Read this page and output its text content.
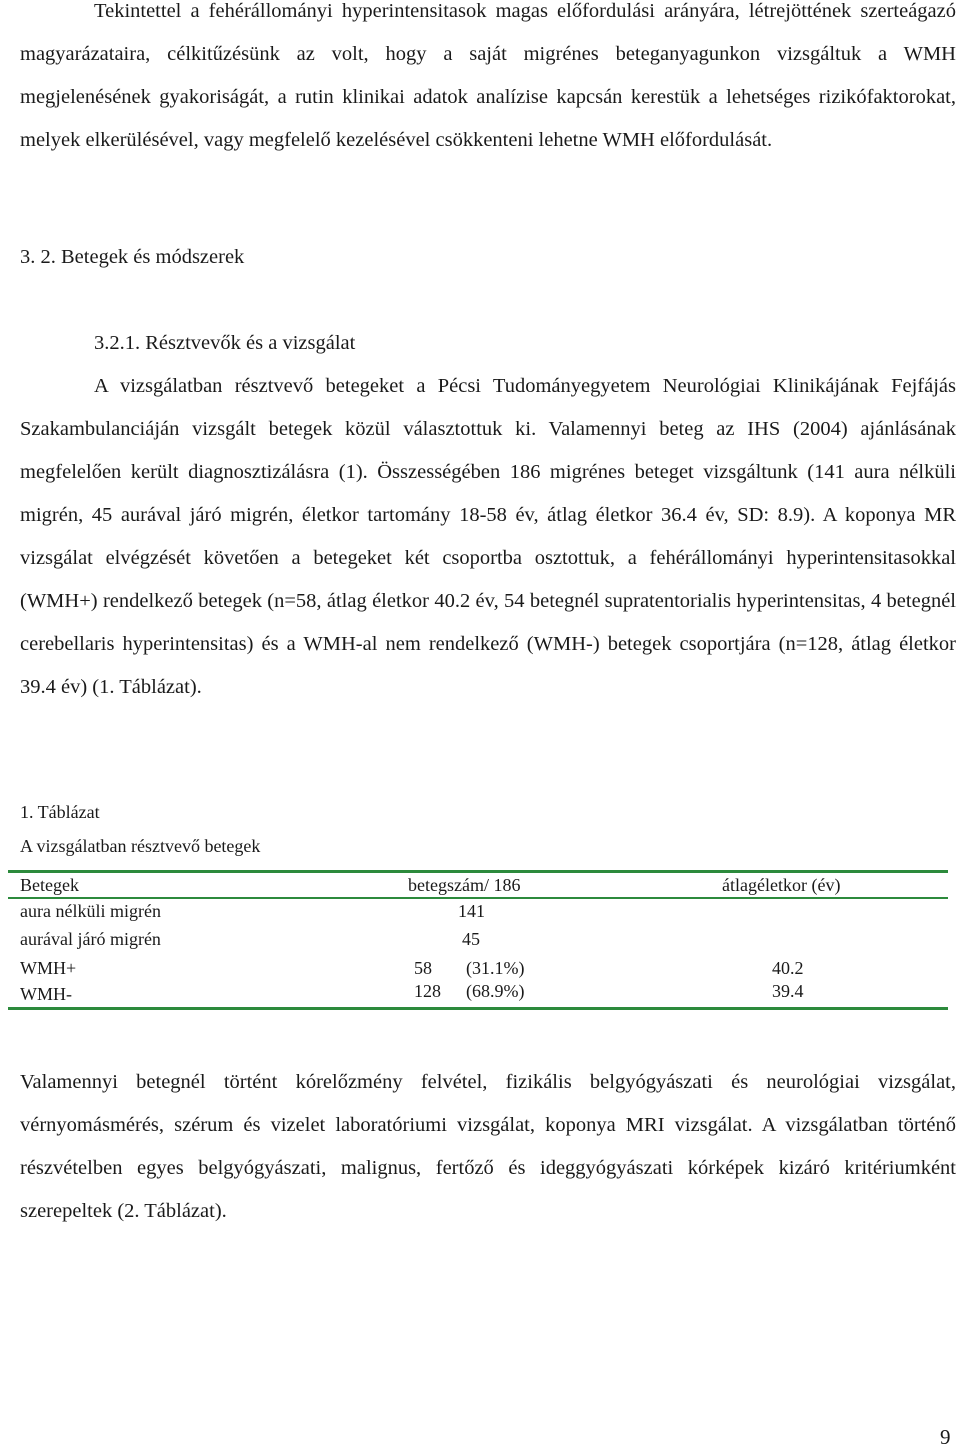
Tekintettel a fehérállományi hyperintensitasok magas előfordulási arányára, létrejöttének szerteágazó magyarázataira, célkitűzésünk az volt, hogy a saját migrénes beteganyagunkon vizsgáltuk a WMH megjelenésének gyakoriságát, a rutin klinikai adatok analízise kapcsán kerestük a lehetséges rizikófaktorokat, melyek elkerülésével, vagy megfelelő kezelésével csökkenteni lehetne WMH előfordulását.

3. 2. Betegek és módszerek
3.2.1. Résztvevők és a vizsgálat

A vizsgálatban résztvevő betegeket a Pécsi Tudományegyetem Neurológiai Klinikájának Fejfájás Szakambulanciáján vizsgált betegek közül választottuk ki. Valamennyi beteg az IHS (2004) ajánlásának megfelelően került diagnosztizálásra (1). Összességében 186 migrénes beteget vizsgáltunk (141 aura nélküli migrén, 45 aurával járó migrén, életkor tartomány 18-58 év, átlag életkor 36.4 év, SD: 8.9). A koponya MR vizsgálat elvégzését követően a betegeket két csoportba osztottuk, a fehérállományi hyperintensitasokkal (WMH+) rendelkező betegek (n=58, átlag életkor 40.2 év, 54 betegnél supratentorialis hyperintensitas, 4 betegnél cerebellaris hyperintensitas) és a WMH-al nem rendelkező (WMH-) betegek csoportjára (n=128, átlag életkor 39.4 év) (1. Táblázat).

1. Táblázat
A vizsgálatban résztvevő betegek
Betegek	betegszám/ 186	átlagéletkor (év)
aura nélküli migrén	141
aurával járó migrén	45
WMH+	58 (31.1%)	40.2
WMH-	128 (68.9%)	39.4

Valamennyi betegnél történt kórelőzmény felvétel, fizikális belgyógyászati és neurológiai vizsgálat, vérnyomásmérés, szérum és vizelet laboratóriumi vizsgálat, koponya MRI vizsgálat. A vizsgálatban történő részvételben egyes belgyógyászati, malignus, fertőző és ideggyógyászati kórképek kizáró kritériumként szerepeltek (2. Táblázat).

9
